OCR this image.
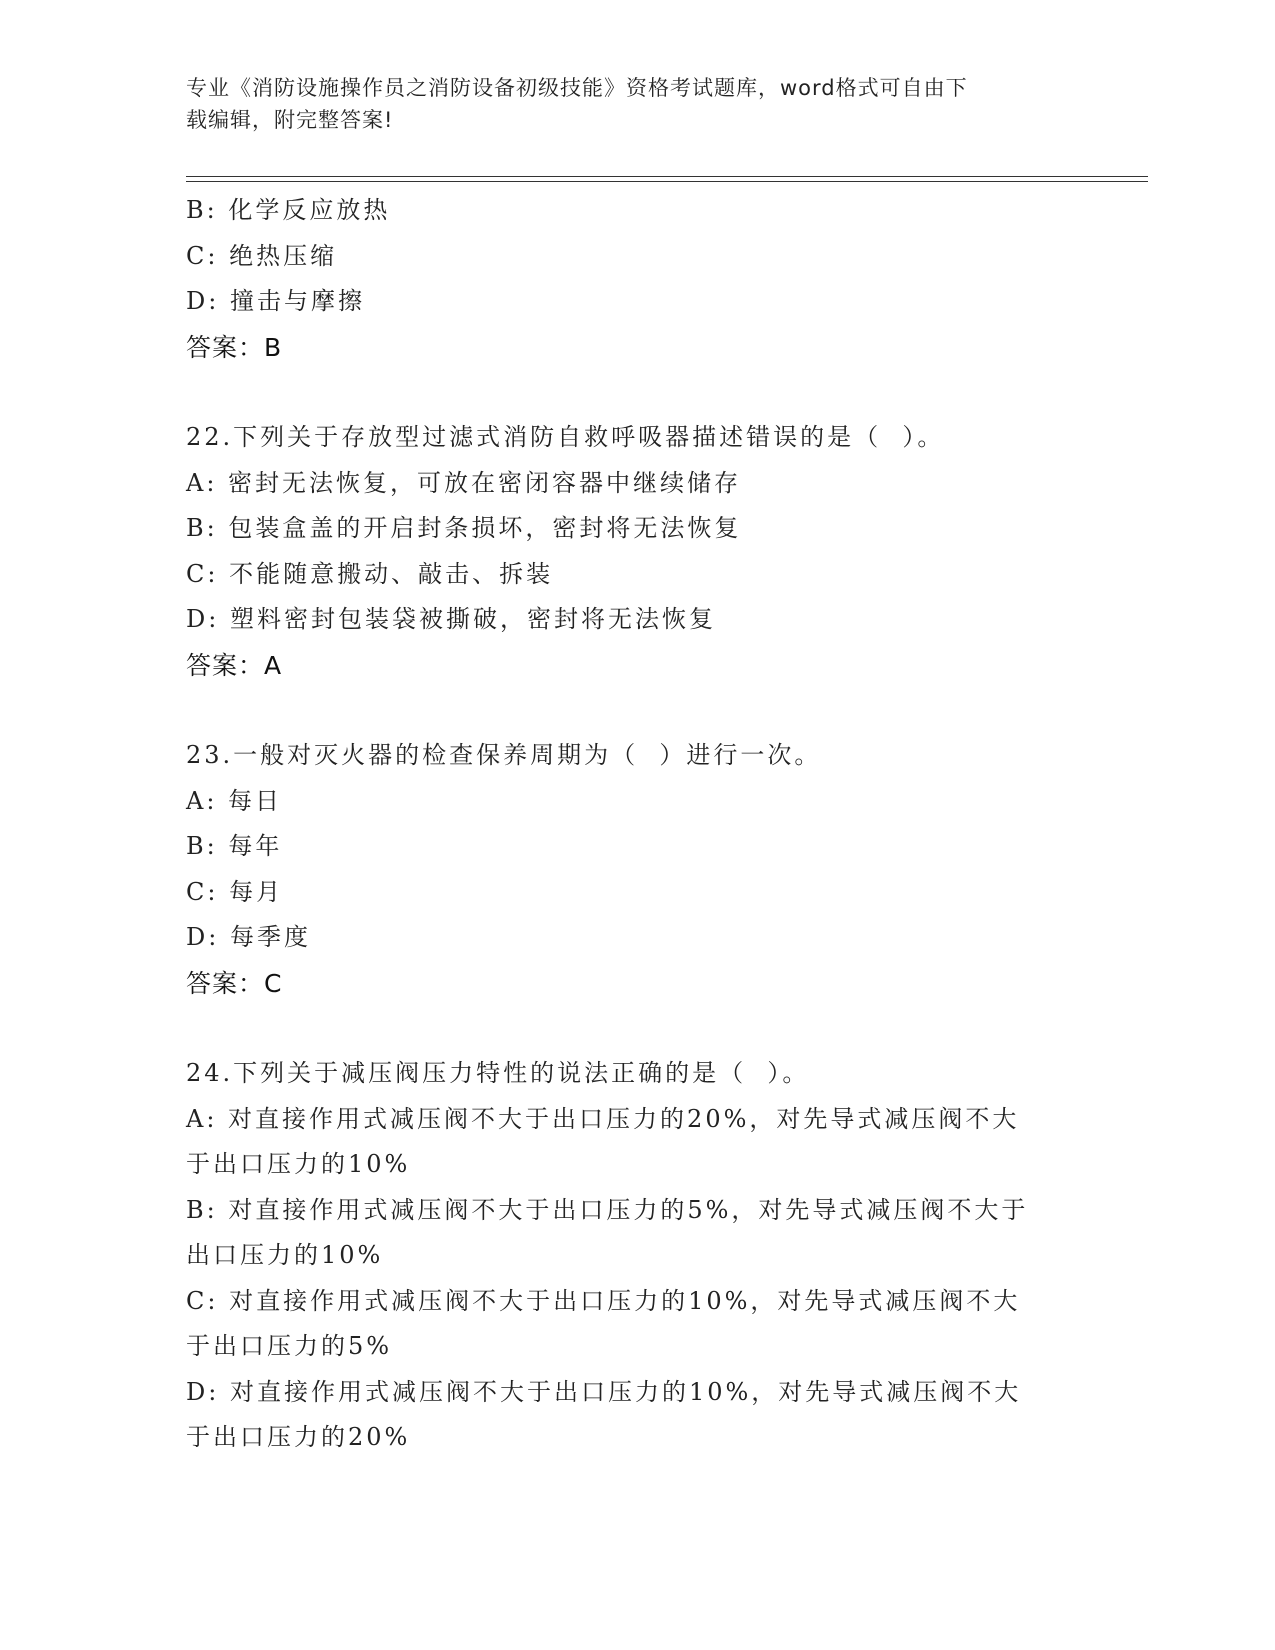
专业《消防设施操作员之消防设备初级技能》资格考试题库，word格式可自由下
载编辑，附完整答案!
B: 化学反应放热
C: 绝热压缩
D: 撞击与摩擦
答案：B
22.下列关于存放型过滤式消防自救呼吸器描述错误的是（  ）。
A: 密封无法恢复，可放在密闭容器中继续储存
B: 包装盒盖的开启封条损坏，密封将无法恢复
C: 不能随意搬动、敲击、拆装
D: 塑料密封包装袋被撕破，密封将无法恢复
答案：A
23.一般对灭火器的检查保养周期为（  ）进行一次。
A: 每日
B: 每年
C: 每月
D: 每季度
答案：C
24.下列关于减压阀压力特性的说法正确的是（  ）。
A: 对直接作用式减压阀不大于出口压力的20%，对先导式减压阀不大
于出口压力的10%
B: 对直接作用式减压阀不大于出口压力的5%，对先导式减压阀不大于
出口压力的10%
C: 对直接作用式减压阀不大于出口压力的10%，对先导式减压阀不大
于出口压力的5%
D: 对直接作用式减压阀不大于出口压力的10%，对先导式减压阀不大
于出口压力的20%
